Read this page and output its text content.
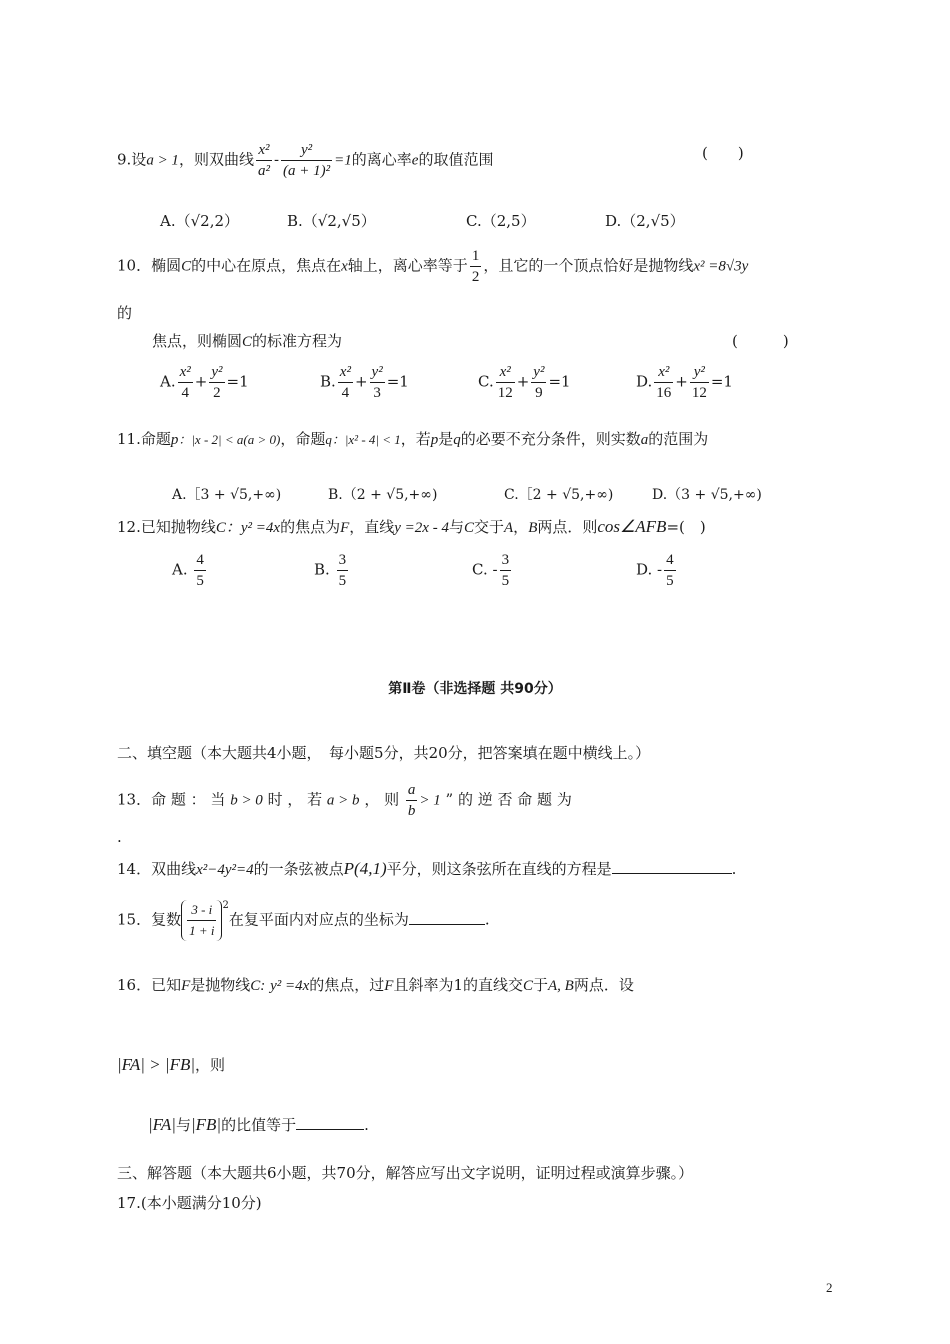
9.设a > 1，则双曲线 $\frac{\text{x²}}{\text{a²}} - \frac{\text{y²}}{\text{(a + 1)²}} =1$的离心率e的取值范围	(　　)
A.（√2,2）	B.（√2,√5）	C.（2,5）	D.（2,√5）
10．椭圆C的中心在原点，焦点在x轴上，离心率等于 $\frac{1}{2}$ ，且它的一个顶点恰好是抛物线x² =8√3y
的
焦点，则椭圆C的标准方程为	(　　　)
A. $\frac{\text{x²}}{4} + \frac{\text{y²}}{2} =1$	B. $\frac{\text{x²}}{4} + \frac{\text{y²}}{3} =1$	C. $\frac{\text{x²}}{12} + \frac{\text{y²}}{9} =1$	D. $\frac{\text{x²}}{16} + \frac{\text{y²}}{12} =1$
11.命题p：|x - 2| < a(a > 0)，命题q：|x² - 4| < 1，若p是q的必要不充分条件，则实数a的范围为
A.［3 + √5,+∞)	B.（2 + √5,+∞)	C.［2 + √5,+∞)	D.（3 + √5,+∞)
12.已知抛物线C：y² =4x的焦点为F，直线y =2x - 4与C交于A，B两点．则cos∠AFB=(　)
A. $\frac{4}{5}$	B. $\frac{3}{5}$	C. - $\frac{3}{5}$	D. - $\frac{4}{5}$
第Ⅱ卷（非选择题 共90分）
二、填空题（本大题共4小题，　每小题5分，共20分，把答案填在题中横线上。）
13．命 题 ： 当 b > 0 时 ， 若 a > b ， 则 $\frac{a}{b} > 1$ ” 的 逆 否 命 题 为
.
14．双曲线x²−4y²=4的一条弦被点P(4,1)平分，则这条弦所在直线的方程是	.
15．复数 $\frac{3 - i}{1 + i} ^2$在复平面内对应点的坐标为	.
16．已知F是抛物线C: y² =4x的焦点，过F且斜率为1的直线交C于A, B两点．设
|FA| > |FB|，则
|FA|与|FB|的比值等于	.
三、解答题（本大题共6小题，共70分，解答应写出文字说明，证明过程或演算步骤。）
17.(本小题满分10分)
2
